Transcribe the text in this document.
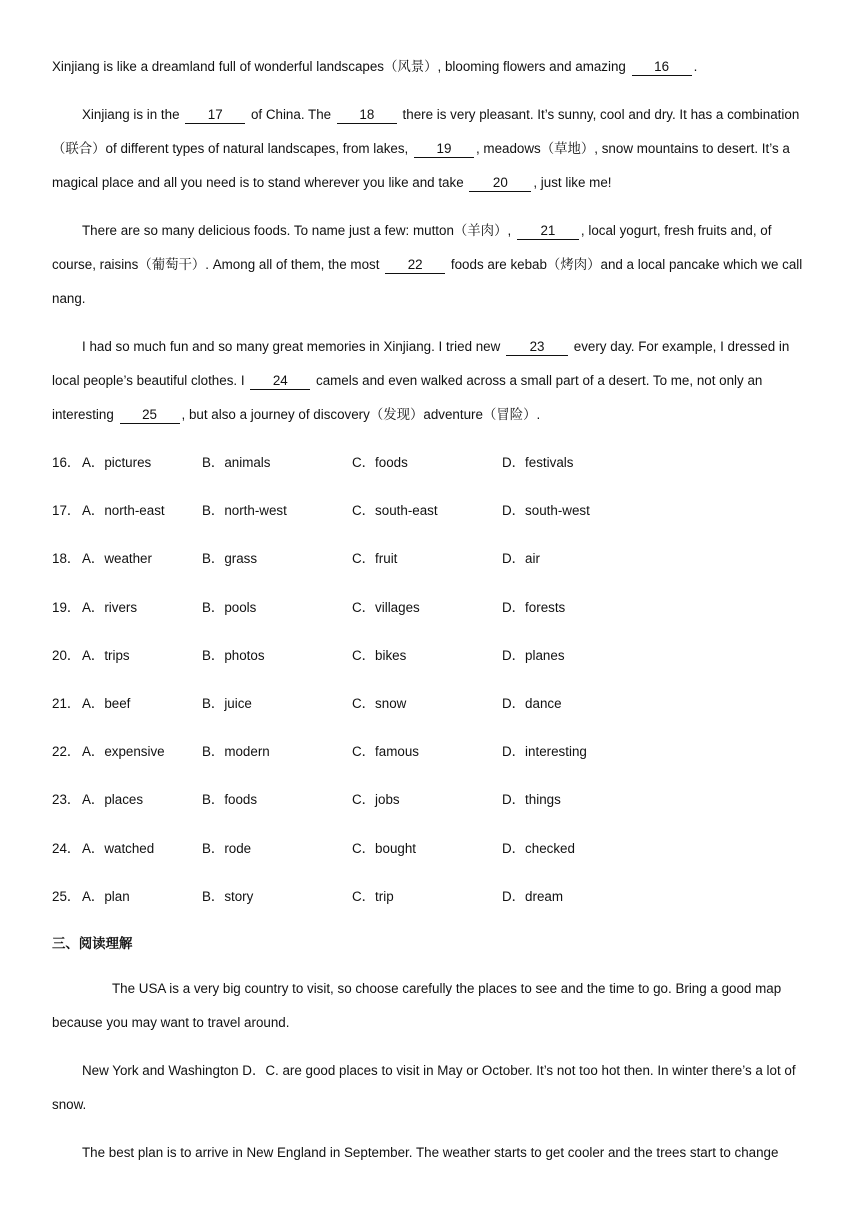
Xinjiang is like a dreamland full of wonderful landscapes（风景）, blooming flowers and amazing 16 .

Xinjiang is in the 17 of China. The 18 there is very pleasant. It’s sunny, cool and dry. It has a combination（联合）of different types of natural landscapes, from lakes, 19 , meadows（草地）, snow mountains to desert. It’s a magical place and all you need is to stand wherever you like and take 20 , just like me!

There are so many delicious foods. To name just a few: mutton（羊肉）, 21 , local yogurt, fresh fruits and, of course, raisins（葡萄干）. Among all of them, the most 22 foods are kebab（烤肉）and a local pancake which we call nang.

I had so much fun and so many great memories in Xinjiang. I tried new 23 every day. For example, I dressed in local people’s beautiful clothes. I 24 camels and even walked across a small part of a desert. To me, not only an interesting 25 , but also a journey of discovery（发现）adventure（冒险）.

16． A．pictures	B．animals	C．foods	D．festivals
17． A．north-east	B．north-west	C．south-east	D．south-west
18． A．weather	B．grass	C．fruit	D．air
19． A．rivers	B．pools	C．villages	D．forests
20． A．trips	B．photos	C．bikes	D．planes
21． A．beef	B．juice	C．snow	D．dance
22． A．expensive	B．modern	C．famous	D．interesting
23． A．places	B．foods	C．jobs	D．things
24． A．watched	B．rode	C．bought	D．checked
25． A．plan	B．story	C．trip	D．dream
三、阅读理解

The USA is a very big country to visit, so choose carefully the places to see and the time to go. Bring a good map because you may want to travel around.

New York and Washington D．C. are good places to visit in May or October. It’s not too hot then. In winter there’s a lot of snow.

The best plan is to arrive in New England in September. The weather starts to get cooler and the trees start to change
